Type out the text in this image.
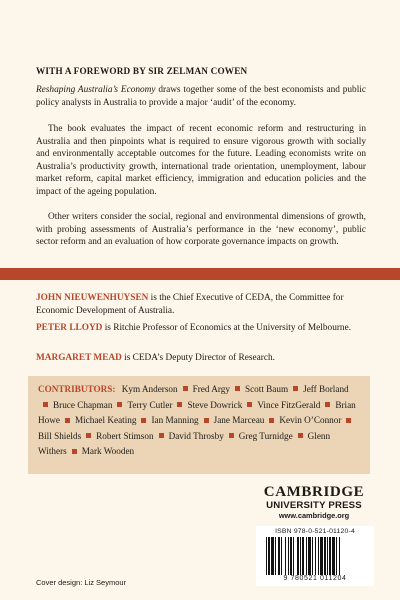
WITH A FOREWORD BY SIR ZELMAN COWEN

Reshaping Australia’s Economy draws together some of the best economists and public policy analysts in Australia to provide a major ‘audit’ of the economy.

The book evaluates the impact of recent economic reform and restructuring in Australia and then pinpoints what is required to ensure vigorous growth with socially and environmentally acceptable outcomes for the future. Leading economists write on Australia’s productivity growth, international trade orientation, unemployment, labour market reform, capital market efficiency, immigration and education policies and the impact of the ageing population.

Other writers consider the social, regional and environmental dimensions of growth, with probing assessments of Australia’s performance in the ‘new economy’, public sector reform and an evaluation of how corporate governance impacts on growth.

JOHN NIEUWENHUYSEN is the Chief Executive of CEDA, the Committee for Economic Development of Australia.

PETER LLOYD is Ritchie Professor of Economics at the University of Melbourne.

MARGARET MEAD is CEDA’s Deputy Director of Research.

CONTRIBUTORS: Kym Anderson Fred Argy Scott Baum Jeff BorlandBruce Chapman Terry Cutler Steve Dowrick Vince FitzGerald Brian Howe Michael Keating Ian Manning Jane Marceau Kevin O’ConnorBill Shields Robert Stimson David Throsby Greg Turnidge Glenn Withers Mark Wooden
CAMBRIDGE
UNIVERSITY PRESS
www.cambridge.org
ISBN 978-0-521-01120-4
9 780521 011204
Cover design: Liz Seymour
